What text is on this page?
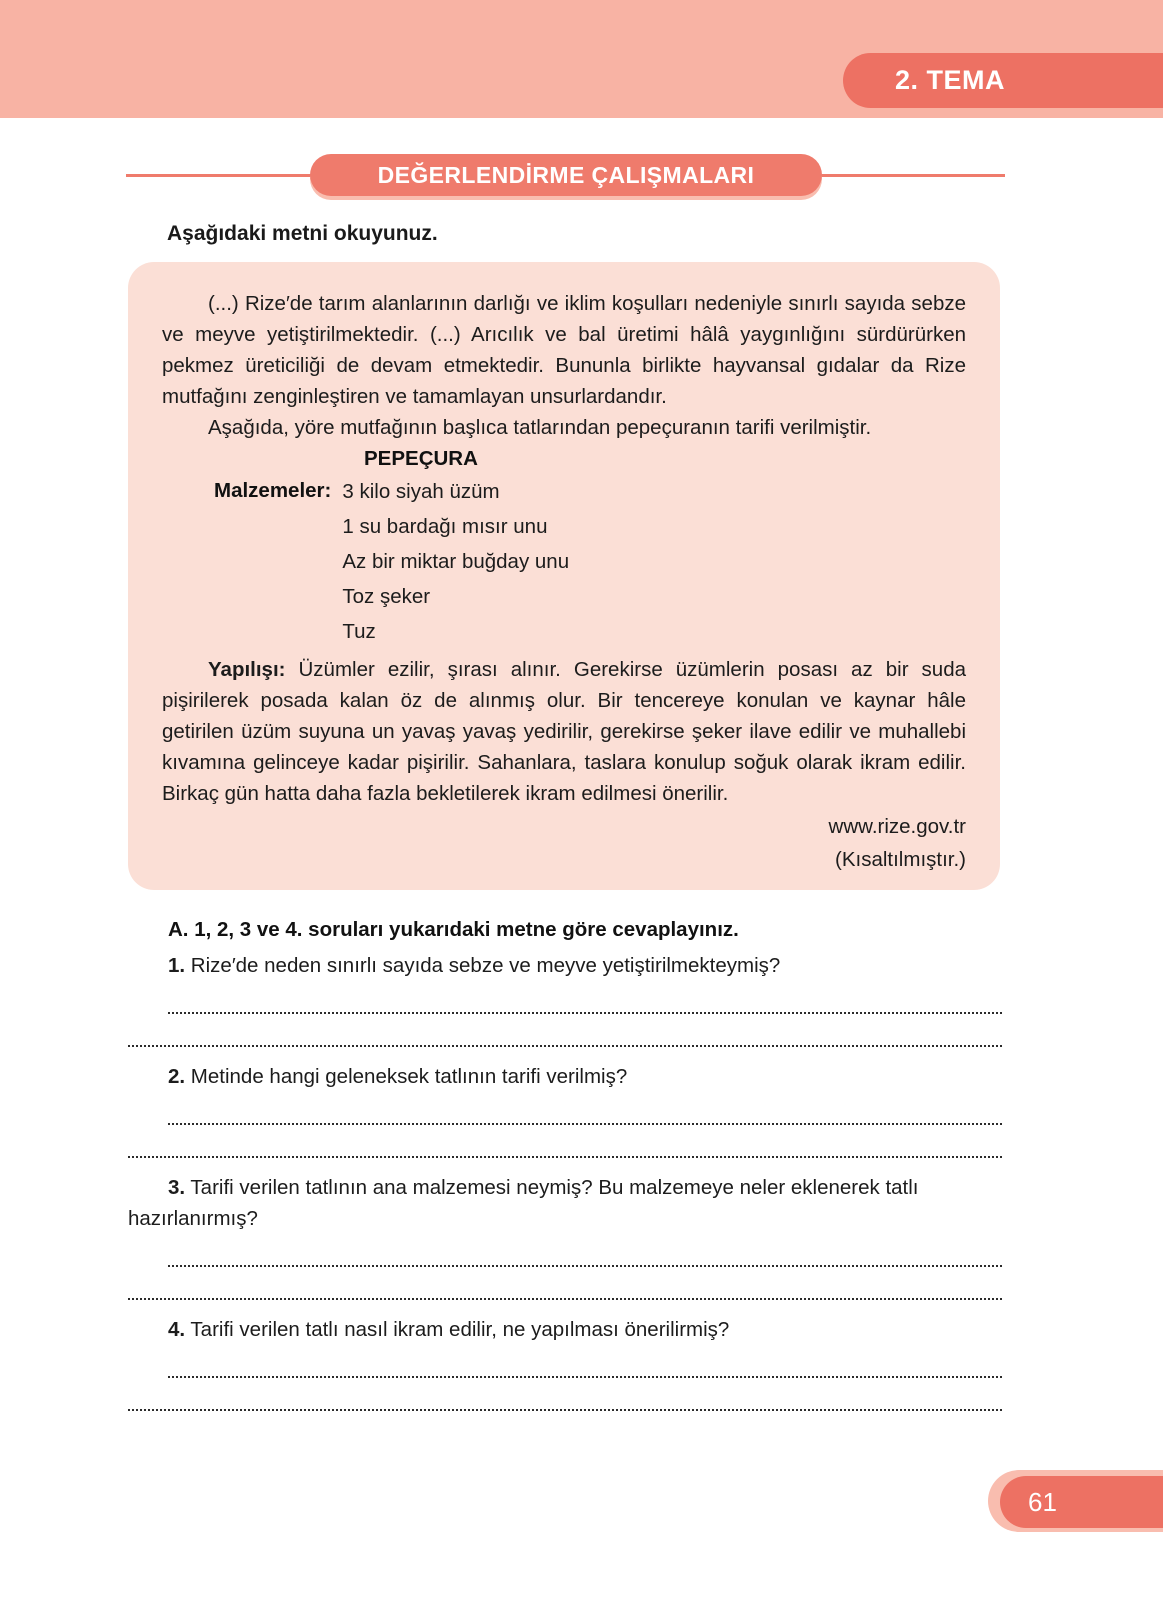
2. TEMA
DEĞERLENDİRME ÇALIŞMALARI
Aşağıdaki metni okuyunuz.

(...) Rize′de tarım alanlarının darlığı ve iklim koşulları nedeniyle sınırlı sayıda sebze ve meyve yetiştirilmektedir. (...) Arıcılık ve bal üretimi hâlâ yaygınlığını sürdürürken pekmez üreticiliği de devam etmektedir. Bununla birlikte hayvansal gıdalar da Rize mutfağını zenginleştiren ve tamamlayan unsurlardandır.

Aşağıda, yöre mutfağının başlıca tatlarından pepeçuranın tarifi verilmiştir.

PEPEÇURA
Malzemeler:	3 kilo siyah üzüm
1 su bardağı mısır unu
Az bir miktar buğday unu
Toz şeker
Tuz

Yapılışı: Üzümler ezilir, şırası alınır. Gerekirse üzümlerin posası az bir suda pişirilerek posada kalan öz de alınmış olur. Bir tencereye konulan ve kaynar hâle getirilen üzüm suyuna un yavaş yavaş yedirilir, gerekirse şeker ilave edilir ve muhallebi kıvamına gelinceye kadar pişirilir. Sahanlara, taslara konulup soğuk olarak ikram edilir. Birkaç gün hatta daha fazla bekletilerek ikram edilmesi önerilir.

www.rize.gov.tr

(Kısaltılmıştır.)

A. 1, 2, 3 ve 4. soruları yukarıdaki metne göre cevaplayınız.

1. Rize′de neden sınırlı sayıda sebze ve meyve yetiştirilmekteymiş?

2. Metinde hangi geleneksek tatlının tarifi verilmiş?

3. Tarifi verilen tatlının ana malzemesi neymiş? Bu malzemeye neler eklenerek tatlı hazırlanırmış?

4. Tarifi verilen tatlı nasıl ikram edilir, ne yapılması önerilirmiş?

61
